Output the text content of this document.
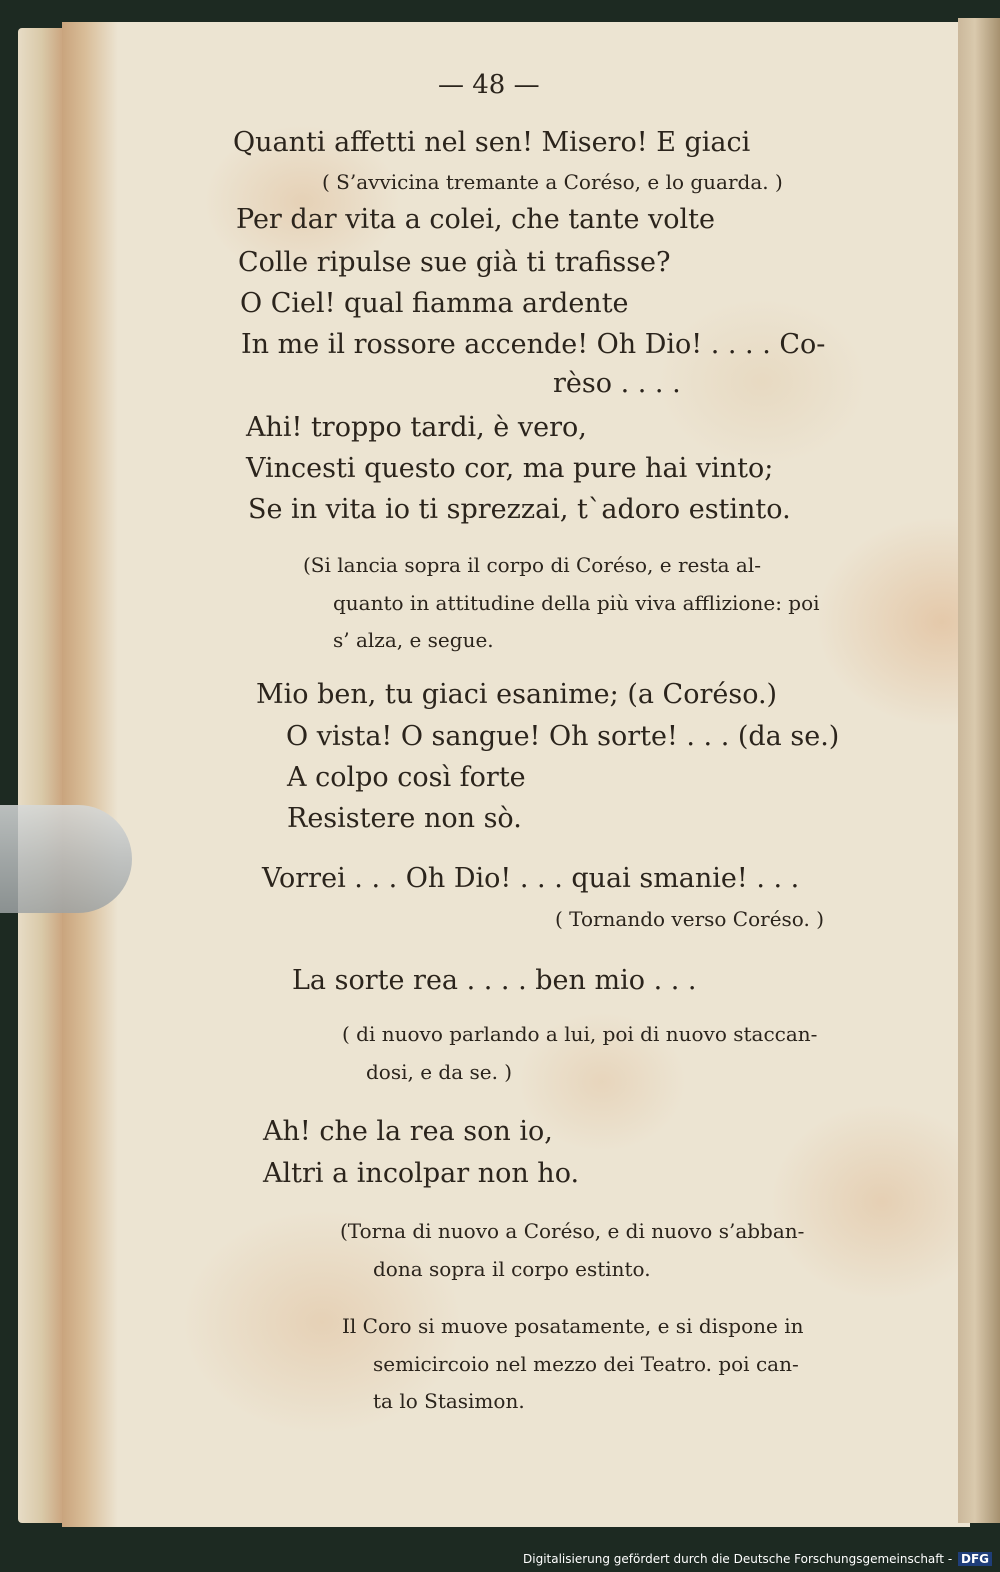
— 48 —
Quanti affetti nel sen! Misero! E giaci
( S’avvicina tremante a Coréso, e lo guarda. )
Per dar vita a colei, che tante volte
Colle ripulse sue già ti trafisse?
O Ciel! qual fiamma ardente
In me il rossore accende! Oh Dio! . . . . Co-
rèso . . . .
Ahi! troppo tardi, è vero,
Vincesti questo cor, ma pure hai vinto;
Se in vita io ti sprezzai, t`adoro estinto.
(Si lancia sopra il corpo di Coréso, e resta al-
quanto in attitudine della più viva afflizione: poi
s’ alza, e segue.
Mio ben, tu giaci esanime; (a Coréso.)
O vista! O sangue! Oh sorte! . . . (da se.)
A colpo così forte
Resistere non sò.
Vorrei . . . Oh Dio! . . . quai smanie! . . .
( Tornando verso Coréso. )
La sorte rea . . . . ben mio . . .
( di nuovo parlando a lui, poi di nuovo staccan-
dosi, e da se. )
Ah! che la rea son io,
Altri a incolpar non ho.
(Torna di nuovo a Coréso, e di nuovo s’abban-
dona sopra il corpo estinto.
Il Coro si muove posatamente, e si dispone in
semicircoio nel mezzo dei Teatro. poi can-
ta lo Stasimon.
Digitalisierung gefördert durch die Deutsche Forschungsgemeinschaft - DFG
